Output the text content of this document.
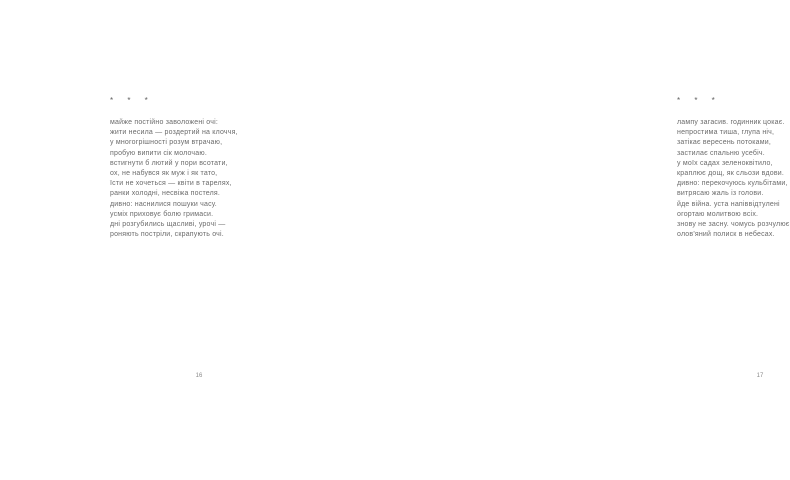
* * *
майже постійно заволожені очі:
жити несила — роздертий на клоччя,
у многогрішності розум втрачаю,
пробую випити сік молочаю.
встигнути б лютий у пори всотати,
ох, не набувся як муж і як тато,
їсти не хочеться — квіти в тарелях,
ранки холодні, несвіжа постеля.
дивно: наснилися пошуки часу.
усміх приховує болю гримаси.
дні розгубились щасливі, урочі —
роняють постріли, скрапують очі.
16
* * *
лампу загасив. годинник цокає.
непростима тиша, глупа ніч,
затікає вересень потоками,
застилає спальню усебіч.
у моїх садах зеленоквітило,
краплює дощ, як сльози вдови.
дивно: перекочуюсь кульбітами,
витрясаю жаль із голови.
йде війна. уста напіввідтулені
огортаю молитвою всіх.
знову не засну. чомусь розчулює
олов'яний полиск в небесах.
17
